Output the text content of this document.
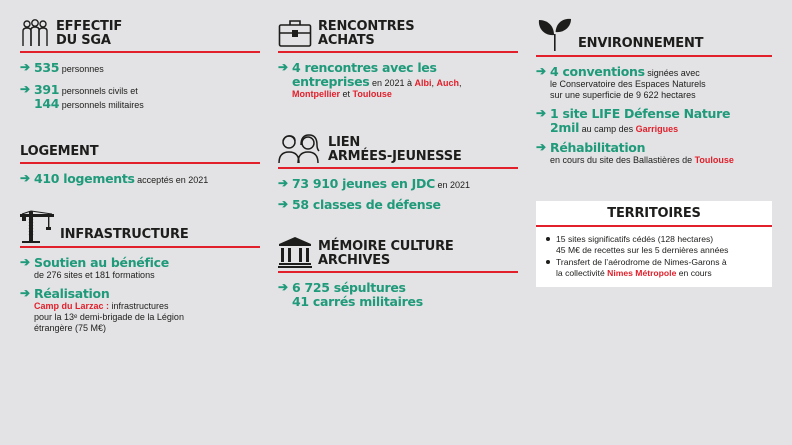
EFFECTIF
DU SGA
➔ 535 personnes
➔ 391 personnels civils et
144 personnels militaires
LOGEMENT
➔ 410 logements acceptés en 2021
INFRASTRUCTURE
➔ Soutien au bénéfice
de 276 sites et 181 formations
➔ Réalisation
Camp du Larzac : infrastructures
pour la 13ᵉ demi-brigade de la Légion
étrangère (75 M€)
RENCONTRES
ACHATS
➔ 4 rencontres avec les
entreprises en 2021 à Albi, Auch,
Montpellier et Toulouse
LIEN
ARMÉES-JEUNESSE
➔ 73 910 jeunes en JDC en 2021
➔ 58 classes de défense
MÉMOIRE CULTURE
ARCHIVES
➔ 6 725 sépultures
41 carrés militaires
ENVIRONNEMENT
➔ 4 conventions signées avec
le Conservatoire des Espaces Naturels
sur une superficie de 9 622 hectares
➔ 1 site LIFE Défense Nature
2mil au camp des Garrigues
➔ Réhabilitation
en cours du site des Ballastières de Toulouse
TERRITOIRES
15 sites significatifs cédés (128 hectares)
45 M€ de recettes sur les 5 dernières années
Transfert de l’aérodrome de Nimes-Garons à
la collectivité Nimes Métropole en cours
